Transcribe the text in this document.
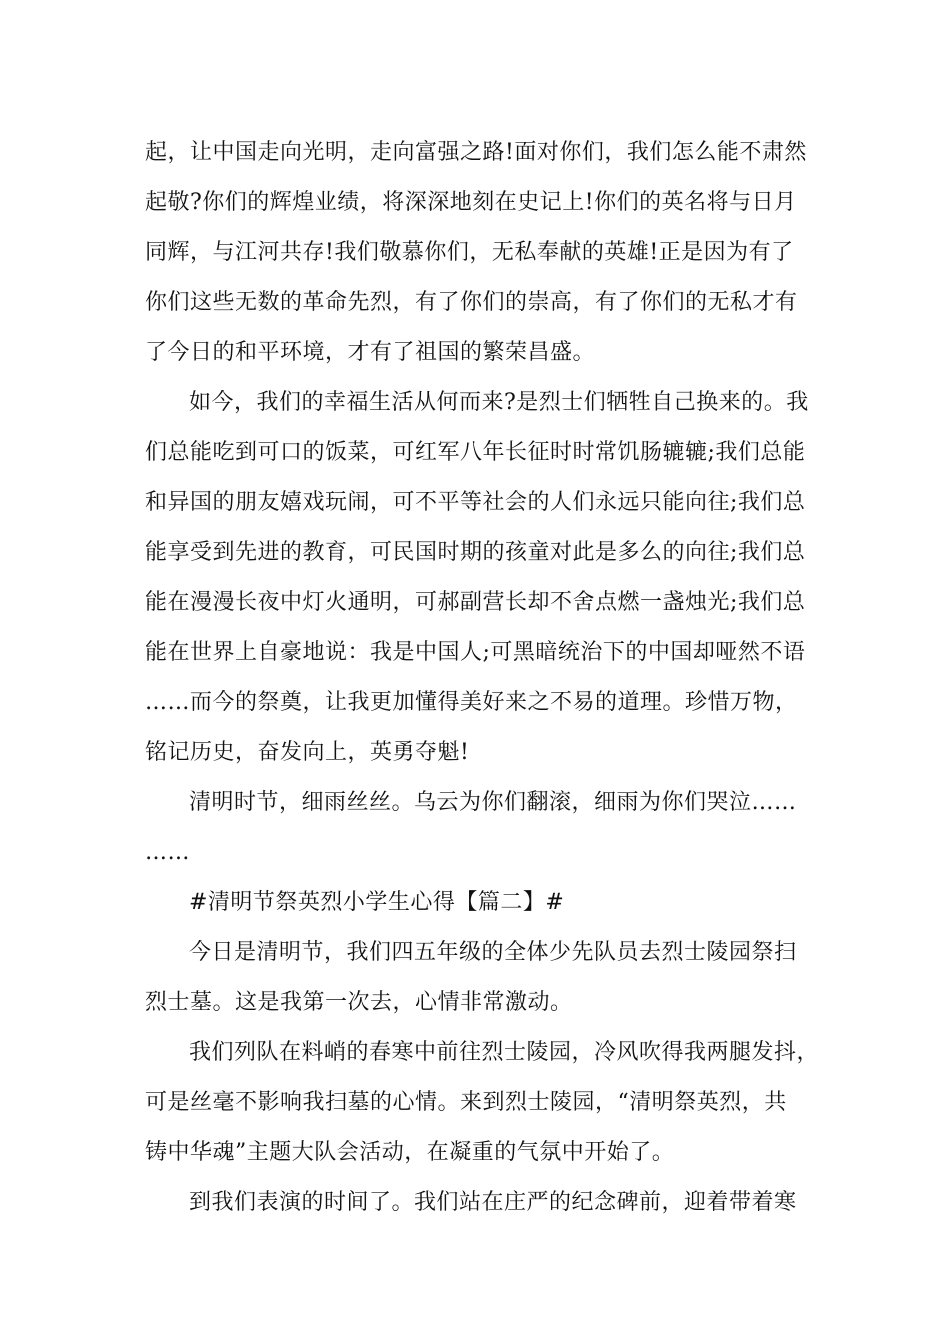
起，让中国走向光明，走向富强之路!面对你们，我们怎么能不肃然
起敬?你们的辉煌业绩，将深深地刻在史记上!你们的英名将与日月
同辉，与江河共存!我们敬慕你们，无私奉献的英雄!正是因为有了
你们这些无数的革命先烈，有了你们的崇高，有了你们的无私才有
了今日的和平环境，才有了祖国的繁荣昌盛。
如今，我们的幸福生活从何而来?是烈士们牺牲自己换来的。我
们总能吃到可口的饭菜，可红军八年长征时时常饥肠辘辘;我们总能
和异国的朋友嬉戏玩闹，可不平等社会的人们永远只能向往;我们总
能享受到先进的教育，可民国时期的孩童对此是多么的向往;我们总
能在漫漫长夜中灯火通明，可郝副营长却不舍点燃一盏烛光;我们总
能在世界上自豪地说：我是中国人;可黑暗统治下的中国却哑然不语
……而今的祭奠，让我更加懂得美好来之不易的道理。珍惜万物，
铭记历史，奋发向上，英勇夺魁!
清明时节，细雨丝丝。乌云为你们翻滚，细雨为你们哭泣……
……
#清明节祭英烈小学生心得【篇二】#
今日是清明节，我们四五年级的全体少先队员去烈士陵园祭扫
烈士墓。这是我第一次去，心情非常激动。
我们列队在料峭的春寒中前往烈士陵园，冷风吹得我两腿发抖，
可是丝毫不影响我扫墓的心情。来到烈士陵园，“清明祭英烈，共
铸中华魂”主题大队会活动，在凝重的气氛中开始了。
到我们表演的时间了。我们站在庄严的纪念碑前，迎着带着寒
